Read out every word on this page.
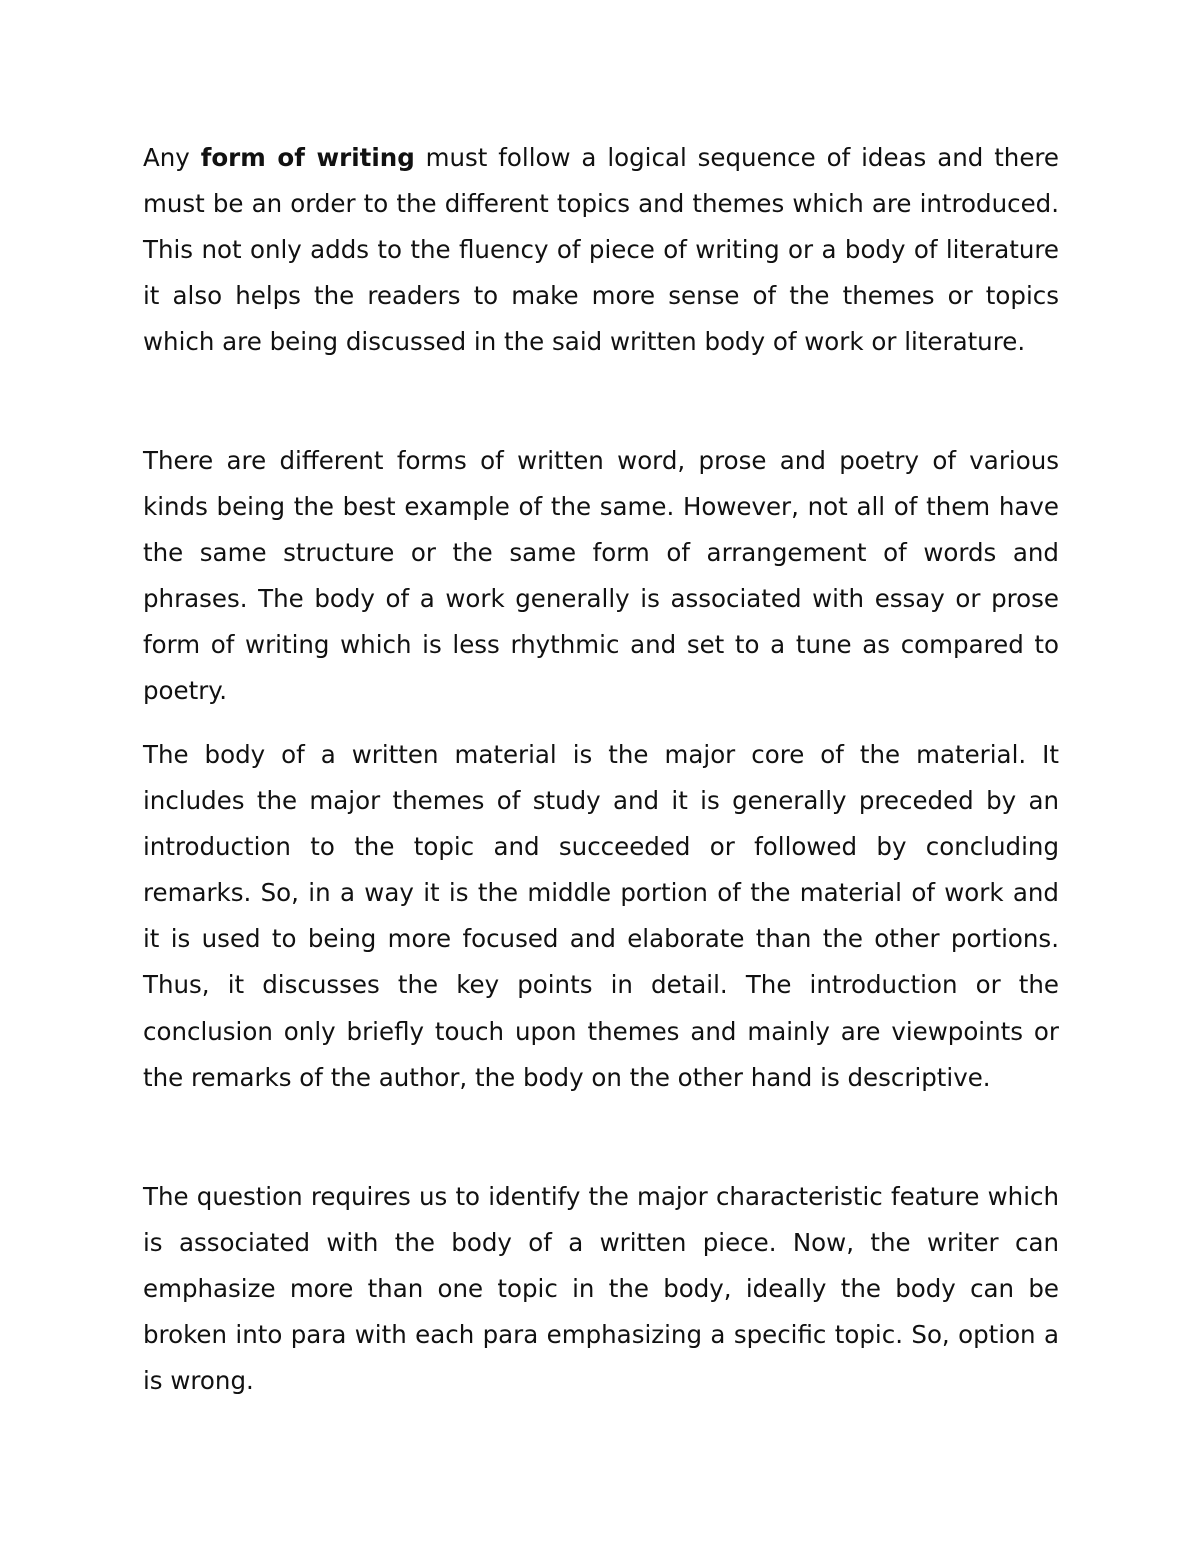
Any form of writing must follow a logical sequence of ideas and there must be an order to the different topics and themes which are introduced. This not only adds to the fluency of piece of writing or a body of literature it also helps the readers to make more sense of the themes or topics which are being discussed in the said written body of work or literature.

There are different forms of written word, prose and poetry of various kinds being the best example of the same. However, not all of them have the same structure or the same form of arrangement of words and phrases. The body of a work generally is associated with essay or prose form of writing which is less rhythmic and set to a tune as compared to poetry.

The body of a written material is the major core of the material. It includes the major themes of study and it is generally preceded by an introduction to the topic and succeeded or followed by concluding remarks. So, in a way it is the middle portion of the material of work and it is used to being more focused and elaborate than the other portions. Thus, it discusses the key points in detail. The introduction or the conclusion only briefly touch upon themes and mainly are viewpoints or the remarks of the author, the body on the other hand is descriptive.

The question requires us to identify the major characteristic feature which is associated with the body of a written piece. Now, the writer can emphasize more than one topic in the body, ideally the body can be broken into para with each para emphasizing a specific topic. So, option a is wrong.
